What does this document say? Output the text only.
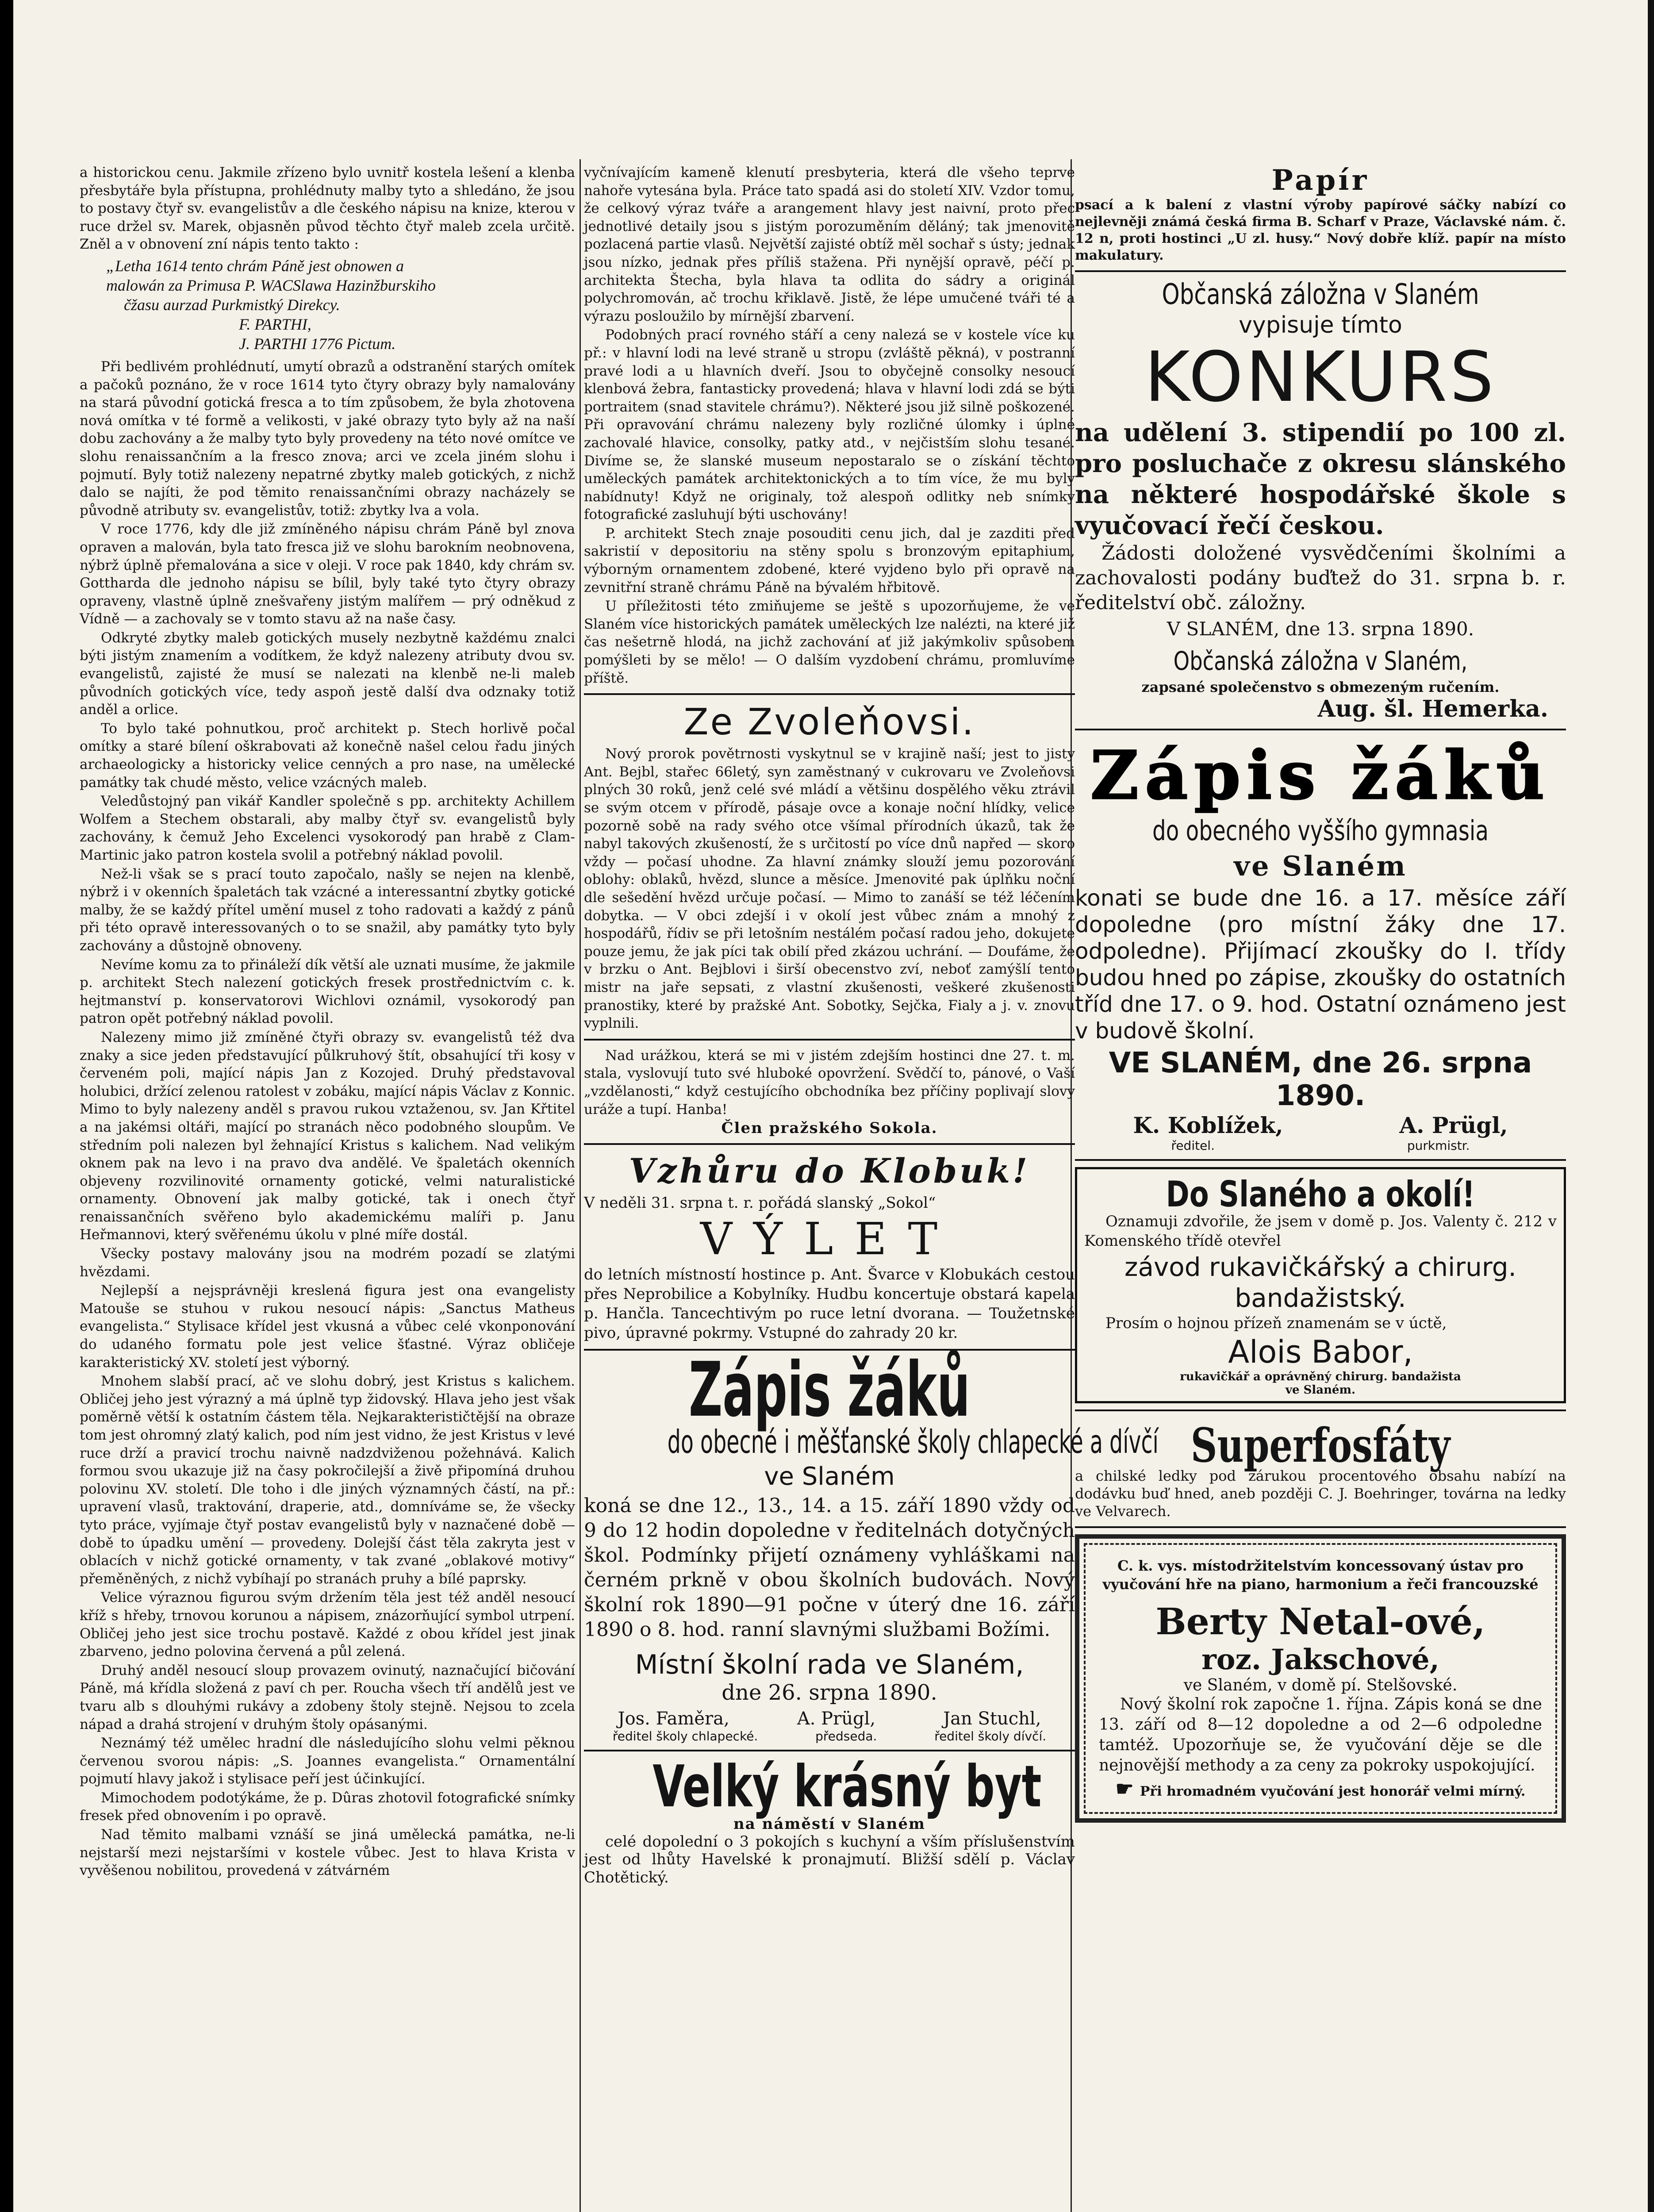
a historickou cenu. Jakmile zřízeno bylo uvnitř kostela lešení a klenba přesbytáře byla přístupna, prohlédnuty malby tyto a shledáno, že jsou to postavy čtyř sv. evangelistův a dle českého nápisu na knize, kterou v ruce držel sv. Marek, objasněn původ těchto čtyř maleb zcela určitě. Zněl a v obnovení zní nápis tento takto :

„Letha 1614 tento chrám Páně jest obnowen a
malowán za Primusa P. WACSlawa Hazinžburskiho

čžasu aurzad Purkmistký Direkcy.
F. PARTHI,
J. PARTHI 1776 Pictum.

Při bedlivém prohlédnutí, umytí obrazů a odstranění starých omítek a pačoků poznáno, že v roce 1614 tyto čtyry obrazy byly namalovány na stará původní gotická fresca a to tím způsobem, že byla zhotovena nová omítka v té formě a velikosti, v jaké obrazy tyto byly až na naší dobu zachovány a že malby tyto byly provedeny na této nové omítce ve slohu renaissančním a la fresco znova; arci ve zcela jiném slohu i pojmutí. Byly totiž nalezeny nepatrné zbytky maleb gotických, z nichž dalo se najíti, že pod těmito renaissančními obrazy nacházely se původně atributy sv. evangelistův, totiž: zbytky lva a vola.

V roce 1776, kdy dle již zmíněného nápisu chrám Páně byl znova opraven a malován, byla tato fresca již ve slohu barokním neobnovena, nýbrž úplně přemalována a sice v oleji. V roce pak 1840, kdy chrám sv. Gottharda dle jednoho nápisu se bílil, byly také tyto čtyry obrazy opraveny, vlastně úplně znešvařeny jistým malířem — prý odněkud z Vídně — a zachovaly se v tomto stavu až na naše časy.

Odkryté zbytky maleb gotických musely nezbytně každému znalci býti jistým znamením a vodítkem, že když nalezeny atributy dvou sv. evangelistů, zajisté že musí se nalezati na klenbě ne-li maleb původních gotických více, tedy aspoň jestě další dva odznaky totiž anděl a orlice.

To bylo také pohnutkou, proč architekt p. Stech horlivě počal omítky a staré bílení oškrabovati až konečně našel celou řadu jiných archaeologicky a historicky velice cenných a pro nase, na umělecké památky tak chudé město, velice vzácných maleb.

Veledůstojný pan vikář Kandler společně s pp. architekty Achillem Wolfem a Stechem obstarali, aby malby čtyř sv. evangelistů byly zachovány, k čemuž Jeho Excelenci vysokorodý pan hrabě z Clam-Martinic jako patron kostela svolil a potřebný náklad povolil.

Než-li však se s prací touto započalo, našly se nejen na klenbě, nýbrž i v okenních špaletách tak vzácné a interessantní zbytky gotické malby, že se každý přítel umění musel z toho radovati a každý z pánů při této opravě interessovaných o to se snažil, aby památky tyto byly zachovány a důstojně obnoveny.

Nevíme komu za to přináleží dík větší ale uznati musíme, že jakmile p. architekt Stech nalezení gotických fresek prostřednictvím c. k. hejtmanství p. konservatorovi Wichlovi oznámil, vysokorodý pan patron opět potřebný náklad povolil.

Nalezeny mimo již zmíněné čtyři obrazy sv. evangelistů též dva znaky a sice jeden představující půlkruhový štít, obsahující tři kosy v červeném poli, mající nápis Jan z Kozojed. Druhý představoval holubici, držící zelenou ratolest v zobáku, mající nápis Václav z Konnic. Mimo to byly nalezeny anděl s pravou rukou vztaženou, sv. Jan Křtitel a na jakémsi oltáři, mající po stranách něco podobného sloupům. Ve středním poli nalezen byl žehnající Kristus s kalichem. Nad velikým oknem pak na levo i na pravo dva andělé. Ve špaletách okenních objeveny rozvilinovité ornamenty gotické, velmi naturalistické ornamenty. Obnovení jak malby gotické, tak i onech čtyř renaissančních svěřeno bylo akademickému malíři p. Janu Heřmannovi, který svěřenému úkolu v plné míře dostál.

Všecky postavy malovány jsou na modrém pozadí se zlatými hvězdami.

Nejlepší a nejsprávněji kreslená figura jest ona evangelisty Matouše se stuhou v rukou nesoucí nápis: „Sanctus Matheus evangelista.“ Stylisace křídel jest vkusná a vůbec celé vkonponování do udaného formatu pole jest velice šťastné. Výraz obličeje karakteristický XV. století jest výborný.

Mnohem slabší prací, ač ve slohu dobrý, jest Kristus s kalichem. Obličej jeho jest výrazný a má úplně typ židovský. Hlava jeho jest však poměrně větší k ostatním částem těla. Nejkarakterističtější na obraze tom jest ohromný zlatý kalich, pod ním jest vidno, že jest Kristus v levé ruce drží a pravicí trochu naivně nadzdviženou požehnává. Kalich formou svou ukazuje již na časy pokročilejší a živě připomíná druhou polovinu XV. století. Dle toho i dle jiných významných částí, na př.: upravení vlasů, traktování, draperie, atd., domníváme se, že všecky tyto práce, vyjímaje čtyř postav evangelistů byly v naznačené době — době to úpadku umění — provedeny. Dolejší část těla zakryta jest v oblacích v nichž gotické ornamenty, v tak zvané „oblakové motivy“ přeměněných, z nichž vybíhají po stranách pruhy a bílé paprsky.

Velice výraznou figurou svým držením těla jest též anděl nesoucí kříž s hřeby, trnovou korunou a nápisem, znázorňující symbol utrpení. Obličej jeho jest sice trochu postavě. Každé z obou křídel jest jinak zbarveno, jedno polovina červená a půl zelená.

Druhý anděl nesoucí sloup provazem ovinutý, naznačující bičování Páně, má křídla složená z paví ch per. Roucha všech tří andělů jest ve tvaru alb s dlouhými rukávy a zdobeny štoly stejně. Nejsou to zcela nápad a drahá strojení v druhým štoly opásanými.

Neznámý též umělec hradní dle následujícího slohu velmi pěknou červenou svorou nápis: „S. Joannes evangelista.“ Ornamentální pojmutí hlavy jakož i stylisace peří jest účinkující.

Mimochodem podotýkáme, že p. Dûras zhotovil fotografické snímky fresek před obnovením i po opravě.

Nad těmito malbami vznáší se jiná umělecká památka, ne-li nejstarší mezi nejstaršími v kostele vůbec. Jest to hlava Krista v vyvěšenou nobilitou, provedená v zátvárném

vyčnívajícím kameně klenutí presbyteria, která dle všeho teprve nahoře vytesána byla. Práce tato spadá asi do století XIV. Vzdor tomu, že celkový výraz tváře a arangement hlavy jest naivní, proto přec jednotlivé detaily jsou s jistým porozuměním děláný; tak jmenovitě pozlacená partie vlasů. Největší zajisté obtíž měl sochař s ústy; jednak jsou nízko, jednak přes příliš stažena. Při nynější opravě, péčí p. architekta Štecha, byla hlava ta odlita do sádry a originál polychromován, ač trochu křiklavě. Jistě, že lépe umučené tváři té a výrazu posloužilo by mírnější zbarvení.

Podobných prací rovného stáří a ceny nalezá se v kostele více ku př.: v hlavní lodi na levé straně u stropu (zvláště pěkná), v postranní pravé lodi a u hlavních dveří. Jsou to obyčejně consolky nesoucí klenbová žebra, fantasticky provedená; hlava v hlavní lodi zdá se býti portraitem (snad stavitele chrámu?). Některé jsou již silně poškozené. Při opravování chrámu nalezeny byly rozličné úlomky i úplné zachovalé hlavice, consolky, patky atd., v nejčistším slohu tesané. Divíme se, že slanské museum nepostaralo se o získání těchto uměleckých památek architektonických a to tím více, že mu byly nabídnuty! Když ne originaly, tož alespoň odlitky neb snímky fotografické zasluhují býti uschovány!

P. architekt Stech znaje posouditi cenu jich, dal je zazditi před sakristií v depositoriu na stěny spolu s bronzovým epitaphium, výborným ornamentem zdobené, které vyjdeno bylo při opravě na zevnitřní straně chrámu Páně na bývalém hřbitově.

U příležitosti této zmiňujeme se ještě s upozorňujeme, že ve Slaném více historických památek uměleckých lze nalézti, na které již čas nešetrně hlodá, na jichž zachování ať již jakýmkoliv spůsobem pomýšleti by se mělo! — O dalším vyzdobení chrámu, promluvíme příště.

Ze Zvoleňovsi.

Nový prorok povětrnosti vyskytnul se v krajině naší; jest to jisty Ant. Bejbl, stařec 66letý, syn zaměstnaný v cukrovaru ve Zvoleňovsi plných 30 roků, jenž celé své mládí a většinu dospělého věku ztrávil se svým otcem v přírodě, pásaje ovce a konaje noční hlídky, velice pozorně sobě na rady svého otce všímal přírodních úkazů, tak že nabyl takových zkušeností, že s určitostí po více dnů napřed — skoro vždy — počasí uhodne. Za hlavní známky slouží jemu pozorování oblohy: oblaků, hvězd, slunce a měsíce. Jmenovité pak úplňku noční dle sešedění hvězd určuje počasí. — Mimo to zanáší se též léčením dobytka. — V obci zdejší i v okolí jest vůbec znám a mnohý z hospodářů, řídiv se při letošním nestálém počasí radou jeho, dokujete pouze jemu, že jak píci tak obilí před zkázou uchrání. — Doufáme, že v brzku o Ant. Bejblovi i širší obecenstvo zví, neboť zamýšlí tento mistr na jaře sepsati, z vlastní zkušenosti, veškeré zkušenosti pranostiky, které by pražské Ant. Sobotky, Sejčka, Fialy a j. v. znovu vyplnili.

Nad urážkou, která se mi v jistém zdejším hostinci dne 27. t. m. stala, vyslovují tuto své hluboké opovržení. Svědčí to, pánové, o Vaší „vzdělanosti,“ když cestujícího obchodníka bez příčiny poplivají slovy uráže a tupí. Hanba!

Člen pražského Sokola.
Vzhůru do Klobuk!

V neděli 31. srpna t. r. pořádá slanský „Sokol“

VÝLET

do letních místností hostince p. Ant. Švarce v Klobukách cestou přes Neprobilice a Kobylníky. Hudbu koncertuje obstará kapela p. Hančla. Tancechtivým po ruce letní dvorana. — Toužetnské pivo, úpravné pokrmy. Vstupné do zahrady 20 kr.

Zápis žáků
do obecné i měšťanské školy chlapecké a dívčí
ve Slaném

koná se dne 12., 13., 14. a 15. září 1890 vždy od 9 do 12 hodin dopoledne v ředitelnách dotyčných škol. Podmínky přijetí oznámeny vyhláškami na černém prkně v obou školních budovách. Nový školní rok 1890—91 počne v úterý dne 16. září 1890 o 8. hod. ranní slavnými službami Božími.

Místní školní rada ve Slaném,
dne 26. srpna 1890.
Jos. Faměra,	A. Prügl,	Jan Stuchl,
ředitel školy chlapecké.	předseda.	ředitel školy dívčí.
Velký krásný byt
na náměstí v Slaném

celé dopolední o 3 pokojích s kuchyní a vším příslušenstvím jest od lhůty Havelské k pronajmutí. Bližší sdělí p. Václav Chotětický.

Papír

psací a k balení z vlastní výroby papírové sáčky nabízí co nejlevněji známá česká firma B. Scharf v Praze, Václavské nám. č. 12 n, proti hostinci „U zl. husy.“ Nový dobře klíž. papír na místo makulatury.

Občanská záložna v Slaném
vypisuje tímto
KONKURS

na udělení 3. stipendií po 100 zl. pro posluchače z okresu slánského na některé hospodářské škole s vyučovací řečí českou.

Žádosti doložené vysvědčeními školními a zachovalosti podány buďtež do 31. srpna b. r. ředitelství obč. záložny.

V SLANÉM, dne 13. srpna 1890.
Občanská záložna v Slaném,
zapsané společenstvo s obmezeným ručením.
Aug. šl. Hemerka.
Zápis žáků
do obecného vyššího gymnasia
ve Slaném

konati se bude dne 16. a 17. měsíce září dopoledne (pro místní žáky dne 17. odpoledne). Přijímací zkoušky do I. třídy budou hned po zápise, zkoušky do ostatních tříd dne 17. o 9. hod. Ostatní oznámeno jest v budově školní.

VE SLANÉM, dne 26. srpna 1890.
K. Koblížek,	A. Prügl,
ředitel.	purkmistr.
Do Slaného a okolí!

Oznamuji zdvořile, že jsem v domě p. Jos. Valenty č. 212 v Komenského třídě otevřel

závod rukavičkářský a chirurg. bandažistský.

Prosím o hojnou přízeň znamenám se v úctě,

Alois Babor,
rukavičkář a oprávněný chirurg. bandažista ve Slaném.
Superfosfáty

a chilské ledky pod zárukou procentového obsahu nabízí na dodávku buď hned, aneb později C. J. Boehringer, továrna na ledky ve Velvarech.

C. k. vys. místodržitelstvím koncessovaný ústav pro vyučování hře na piano, harmonium a řeči francouzské
Berty Netal-ové,
roz. Jakschové,
ve Slaném, v domě pí. Stelšovské.

Nový školní rok započne 1. října. Zápis koná se dne 13. září od 8—12 dopoledne a od 2—6 odpoledne tamtéž. Upozorňuje se, že vyučování děje se dle nejnovější methody a za ceny za pokroky uspokojující.

☛ Při hromadném vyučování jest honorář velmi mírný.
